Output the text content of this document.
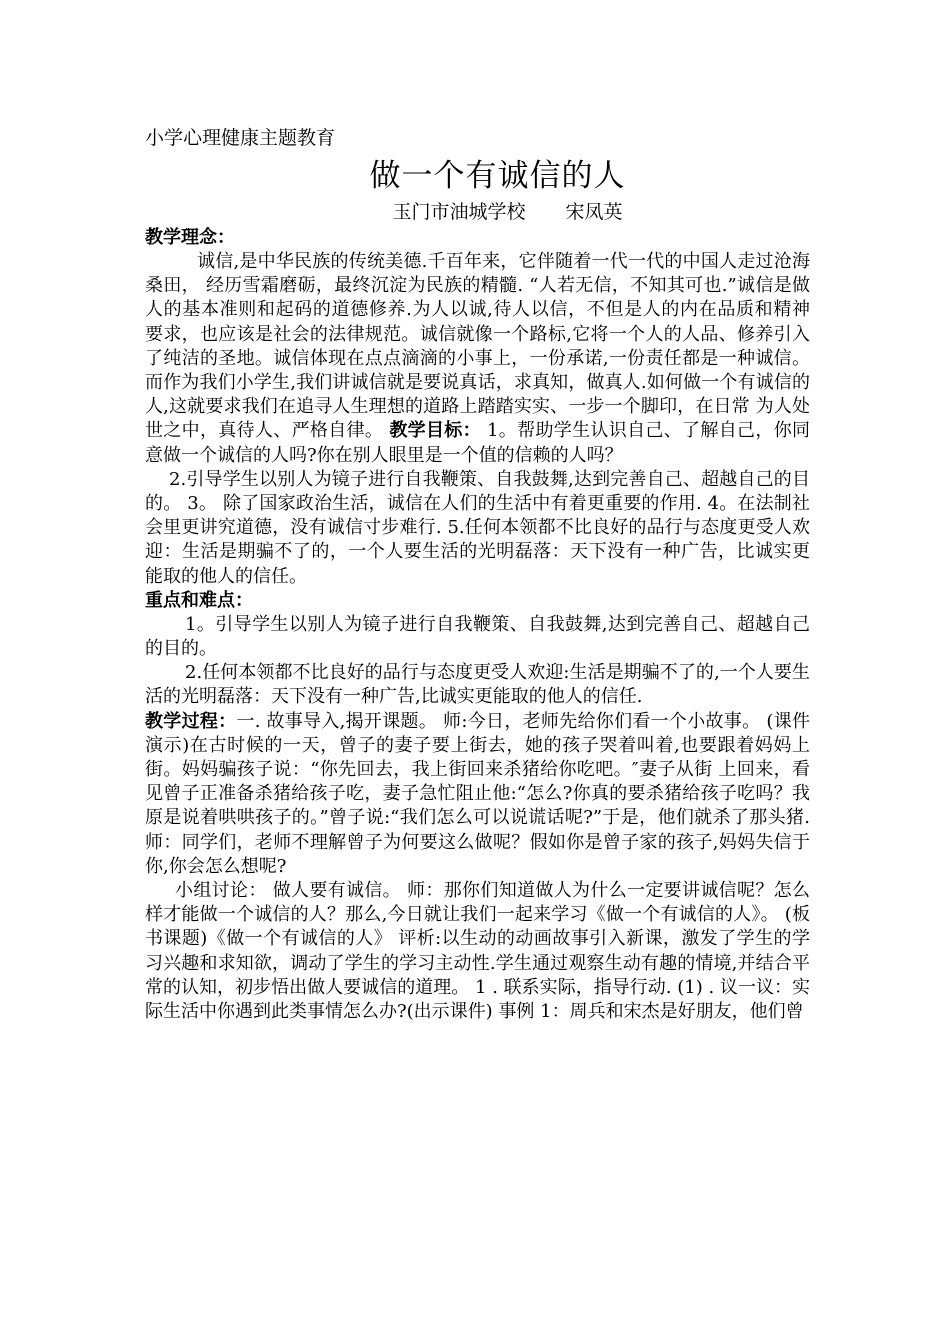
小学心理健康主题教育

做一个有诚信的人

玉门市油城学校 宋凤英

教学理念：

诚信,是中华民族的传统美德.千百年来，它伴随着一代一代的中国人走过沧海桑田， 经历雪霜磨砺，最终沉淀为民族的精髓. “人若无信，不知其可也.”诚信是做人的基本准则和起码的道德修养.为人以诚,待人以信，不但是人的内在品质和精神 要求，也应该是社会的法律规范。诚信就像一个路标,它将一个人的人品、修养引入了纯洁的圣地。诚信体现在点点滴滴的小事上，一份承诺,一份责任都是一种诚信。 而作为我们小学生,我们讲诚信就是要说真话，求真知，做真人.如何做一个有诚信的人,这就要求我们在追寻人生理想的道路上踏踏实实、一步一个脚印，在日常 为人处世之中，真待人、严格自律。 教学目标： 1。帮助学生认识自己、了解自己，你同意做一个诚信的人吗?你在别人眼里是一个值的信赖的人吗？

2.引导学生以别人为镜子进行自我鞭策、自我鼓舞,达到完善自己、超越自己的目的。 3。 除了国家政治生活，诚信在人们的生活中有着更重要的作用. 4。在法制社会里更讲究道德，没有诚信寸步难行. 5.任何本领都不比良好的品行与态度更受人欢迎：生活是期骗不了的，一个人要生活的光明磊落：天下没有一种广告，比诚实更能取的他人的信任。

重点和难点：

1。引导学生以别人为镜子进行自我鞭策、自我鼓舞,达到完善自己、超越自己的目的。

2.任何本领都不比良好的品行与态度更受人欢迎:生活是期骗不了的,一个人要生活的光明磊落：天下没有一种广告,比诚实更能取的他人的信任.

教学过程：一. 故事导入,揭开课题。 师:今日，老师先给你们看一个小故事。 (课件演示)在古时候的一天，曾子的妻子要上街去，她的孩子哭着叫着,也要跟着妈妈上街。妈妈骗孩子说：“你先回去，我上街回来杀猪给你吃吧。″妻子从街 上回来，看见曾子正准备杀猪给孩子吃，妻子急忙阻止他:“怎么?你真的要杀猪给孩子吃吗？我原是说着哄哄孩子的。”曾子说:“我们怎么可以说谎话呢?”于是，他们就杀了那头猪. 师：同学们，老师不理解曾子为何要这么做呢？假如你是曾子家的孩子,妈妈失信于你,你会怎么想呢?

小组讨论： 做人要有诚信。 师：那你们知道做人为什么一定要讲诚信呢？怎么样才能做一个诚信的人？那么,今日就让我们一起来学习《做一个有诚信的人》。 (板书课题)《做一个有诚信的人》 评析:以生动的动画故事引入新课，激发了学生的学习兴趣和求知欲，调动了学生的学习主动性.学生通过观察生动有趣的情境,并结合平常的认知，初步悟出做人要诚信的道理。 1 . 联系实际，指导行动. (1) . 议一议：实际生活中你遇到此类事情怎么办?(出示课件) 事例 1：周兵和宋杰是好朋友，他们曾
